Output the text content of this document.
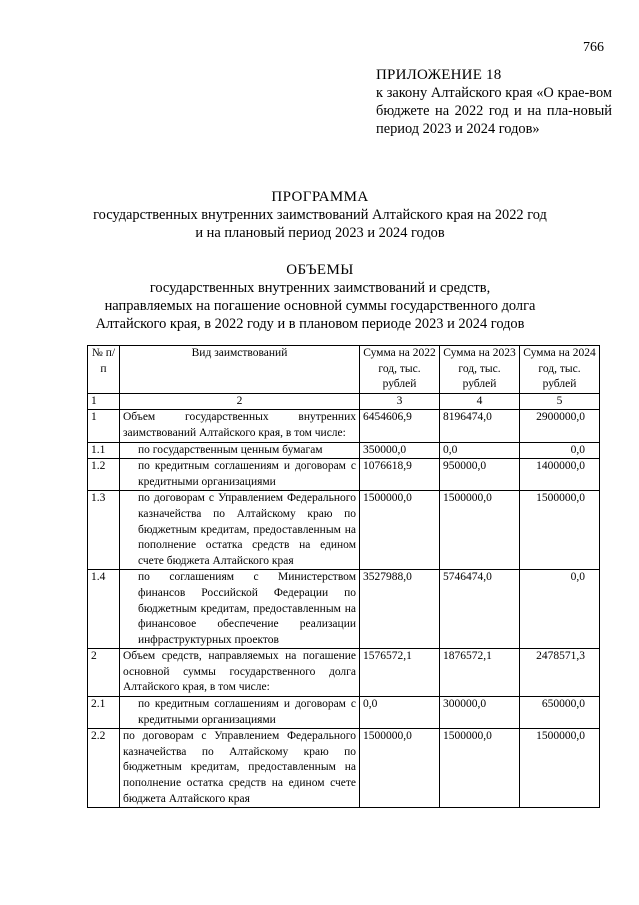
766
ПРИЛОЖЕНИЕ 18
к закону Алтайского края «О крае-вом бюджете на 2022 год и на пла-новый период 2023 и 2024 годов»
ПРОГРАММА
государственных внутренних заимствований Алтайского края на 2022 год
и на плановый период 2023 и 2024 годов
ОБЪЕМЫ
государственных внутренних заимствований и средств,
направляемых на погашение основной суммы государственного долга
Алтайского края, в 2022 году и в плановом периоде 2023 и 2024 годов
№ п/п	Вид заимствований	Сумма на 2022 год, тыс. рублей	Сумма на 2023 год, тыс. рублей	Сумма на 2024 год, тыс. рублей
1	2	3	4	5
1	Объем государственных внутренних заимствований Алтайского края, в том числе:	6454606,9	8196474,0	2900000,0
1.1	по государственным ценным бумагам	350000,0	0,0	0,0
1.2	по кредитным соглашениям и договорам с кредитными организациями	1076618,9	950000,0	1400000,0
1.3	по договорам с Управлением Федерального казначейства по Алтайскому краю по бюджетным кредитам, предоставленным на пополнение остатка средств на едином счете бюджета Алтайского края	1500000,0	1500000,0	1500000,0
1.4	по соглашениям с Министерством финансов Российской Федерации по бюджетным кредитам, предоставленным на финансовое обеспечение реализации инфраструктурных проектов	3527988,0	5746474,0	0,0
2	Объем средств, направляемых на погашение основной суммы государственного долга Алтайского края, в том числе:	1576572,1	1876572,1	2478571,3
2.1	по кредитным соглашениям и договорам с кредитными организациями	0,0	300000,0	650000,0
2.2	по договорам с Управлением Федерального казначейства по Алтайскому краю по бюджетным кредитам, предоставленным на пополнение остатка средств на едином счете бюджета Алтайского края	1500000,0	1500000,0	1500000,0
